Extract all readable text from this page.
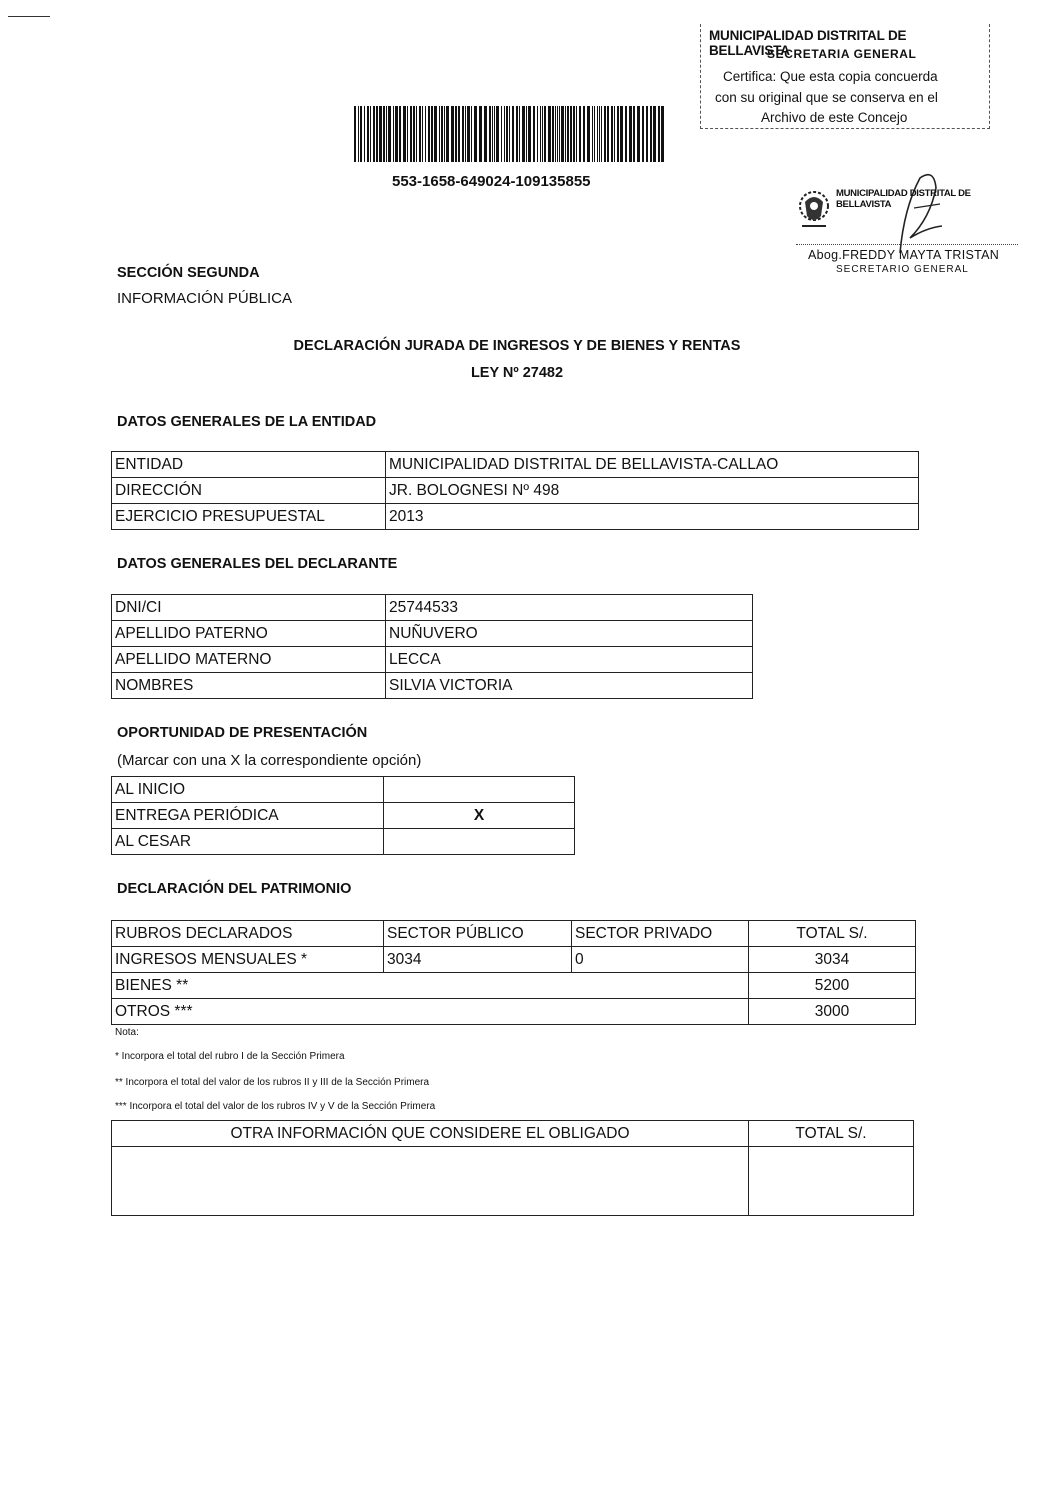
MUNICIPALIDAD DISTRITAL DE BELLAVISTA
SECRETARIA GENERAL
Certifica: Que esta copia concuerda
con su original que se conserva en el
Archivo de este Concejo
553-1658-649024-109135855
MUNICIPALIDAD DISTRITAL DE BELLAVISTA
Abog.FREDDY MAYTA TRISTAN
SECRETARIO GENERAL
SECCIÓN SEGUNDA
INFORMACIÓN PÚBLICA
DECLARACIÓN JURADA DE INGRESOS Y DE BIENES Y RENTAS
LEY Nº 27482
DATOS GENERALES DE LA ENTIDAD
ENTIDAD	MUNICIPALIDAD DISTRITAL DE BELLAVISTA-CALLAO
DIRECCIÓN	JR. BOLOGNESI Nº 498
EJERCICIO PRESUPUESTAL	2013
DATOS GENERALES DEL DECLARANTE
DNI/CI	25744533
APELLIDO PATERNO	NUÑUVERO
APELLIDO MATERNO	LECCA
NOMBRES	SILVIA VICTORIA
OPORTUNIDAD DE PRESENTACIÓN
(Marcar con una X la correspondiente opción)
AL INICIO	
ENTREGA PERIÓDICA	X
AL CESAR	
DECLARACIÓN DEL PATRIMONIO
RUBROS DECLARADOS	SECTOR PÚBLICO	SECTOR PRIVADO	TOTAL S/.
INGRESOS MENSUALES *	3034	0	3034
BIENES **			5200
OTROS ***			3000
Nota:
* Incorpora el total del rubro I de la Sección Primera
** Incorpora el total del valor de los rubros II y III de la Sección Primera
*** Incorpora el total del valor de los rubros IV y V de la Sección Primera
OTRA INFORMACIÓN QUE CONSIDERE EL OBLIGADO	TOTAL S/.
